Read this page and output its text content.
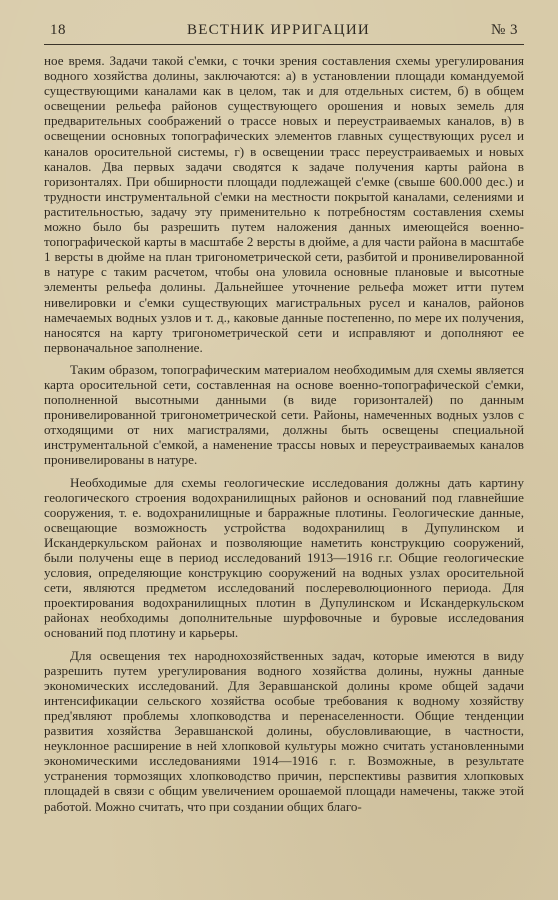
18	ВЕСТНИК ИРРИГАЦИИ	№ 3

ное время. Задачи такой с'емки, с точки зрения составления схемы урегулирования водного хозяйства долины, заключаются: а) в установлении площади командуемой существующими каналами как в целом, так и для отдельных систем, б) в общем освещении рельефа районов существующего орошения и новых земель для предварительных соображений о трассе новых и переустраиваемых каналов, в) в освещении основных топографических элементов главных существующих русел и каналов оросительной системы, г) в освещении трасс переустраиваемых и новых каналов. Два первых задачи сводятся к задаче получения карты района в горизонталях. При обширности площади подлежащей с'емке (свыше 600.000 дес.) и трудности инструментальной с'емки на местности покрытой каналами, селениями и растительностью, задачу эту применительно к потребностям составления схемы можно было бы разрешить путем наложения данных имеющейся военно-топографической карты в масштабе 2 версты в дюйме, а для части района в масштабе 1 версты в дюйме на план тригонометрической сети, разбитой и пронивелированной в натуре с таким расчетом, чтобы она уловила основные плановые и высотные элементы рельефа долины. Дальнейшее уточнение рельефа может итти путем нивелировки и с'емки существующих магистральных русел и каналов, районов намечаемых водных узлов и т. д., каковые данные постепенно, по мере их получения, наносятся на карту тригонометрической сети и исправляют и дополняют ее первоначальное заполнение.

Таким образом, топографическим материалом необходимым для схемы является карта оросительной сети, составленная на основе военно-топографической с'емки, пополненной высотными данными (в виде горизонталей) по данным пронивелированной тригонометрической сети. Районы, намеченных водных узлов с отходящими от них магистралями, должны быть освещены специальной инструментальной с'емкой, а наменение трассы новых и переустраиваемых каналов пронивелированы в натуре.

Необходимые для схемы геологические исследования должны дать картину геологического строения водохранилищных районов и оснований под главнейшие сооружения, т. е. водохранилищные и барражные плотины. Геологические данные, освещающие возможность устройства водохранилищ в Дупулинском и Искандеркульском районах и позволяющие наметить конструкцию сооружений, были получены еще в период исследований 1913—1916 г.г. Общие геологические условия, определяющие конструкцию сооружений на водных узлах оросительной сети, являются предметом исследований послереволюционного периода. Для проектирования водохранилищных плотин в Дупулинском и Искандеркульском районах необходимы дополнительные шурфовочные и буровые исследования оснований под плотину и карьеры.

Для освещения тех народнохозяйственных задач, которые имеются в виду разрешить путем урегулирования водного хозяйства долины, нужны данные экономических исследований. Для Зеравшанской долины кроме общей задачи интенсификации сельского хозяйства особые требования к водному хозяйству пред'являют проблемы хлопководства и перенаселенности. Общие тенденции развития хозяйства Зеравшанской долины, обусловливающие, в частности, неуклонное расширение в ней хлопковой культуры можно считать установленными экономическими исследованиями 1914—1916 г. г. Возможные, в результате устранения тормозящих хлопководство причин, перспективы развития хлопковых площадей в связи с общим увеличением орошаемой площади намечены, также этой работой. Можно считать, что при создании общих благо-
